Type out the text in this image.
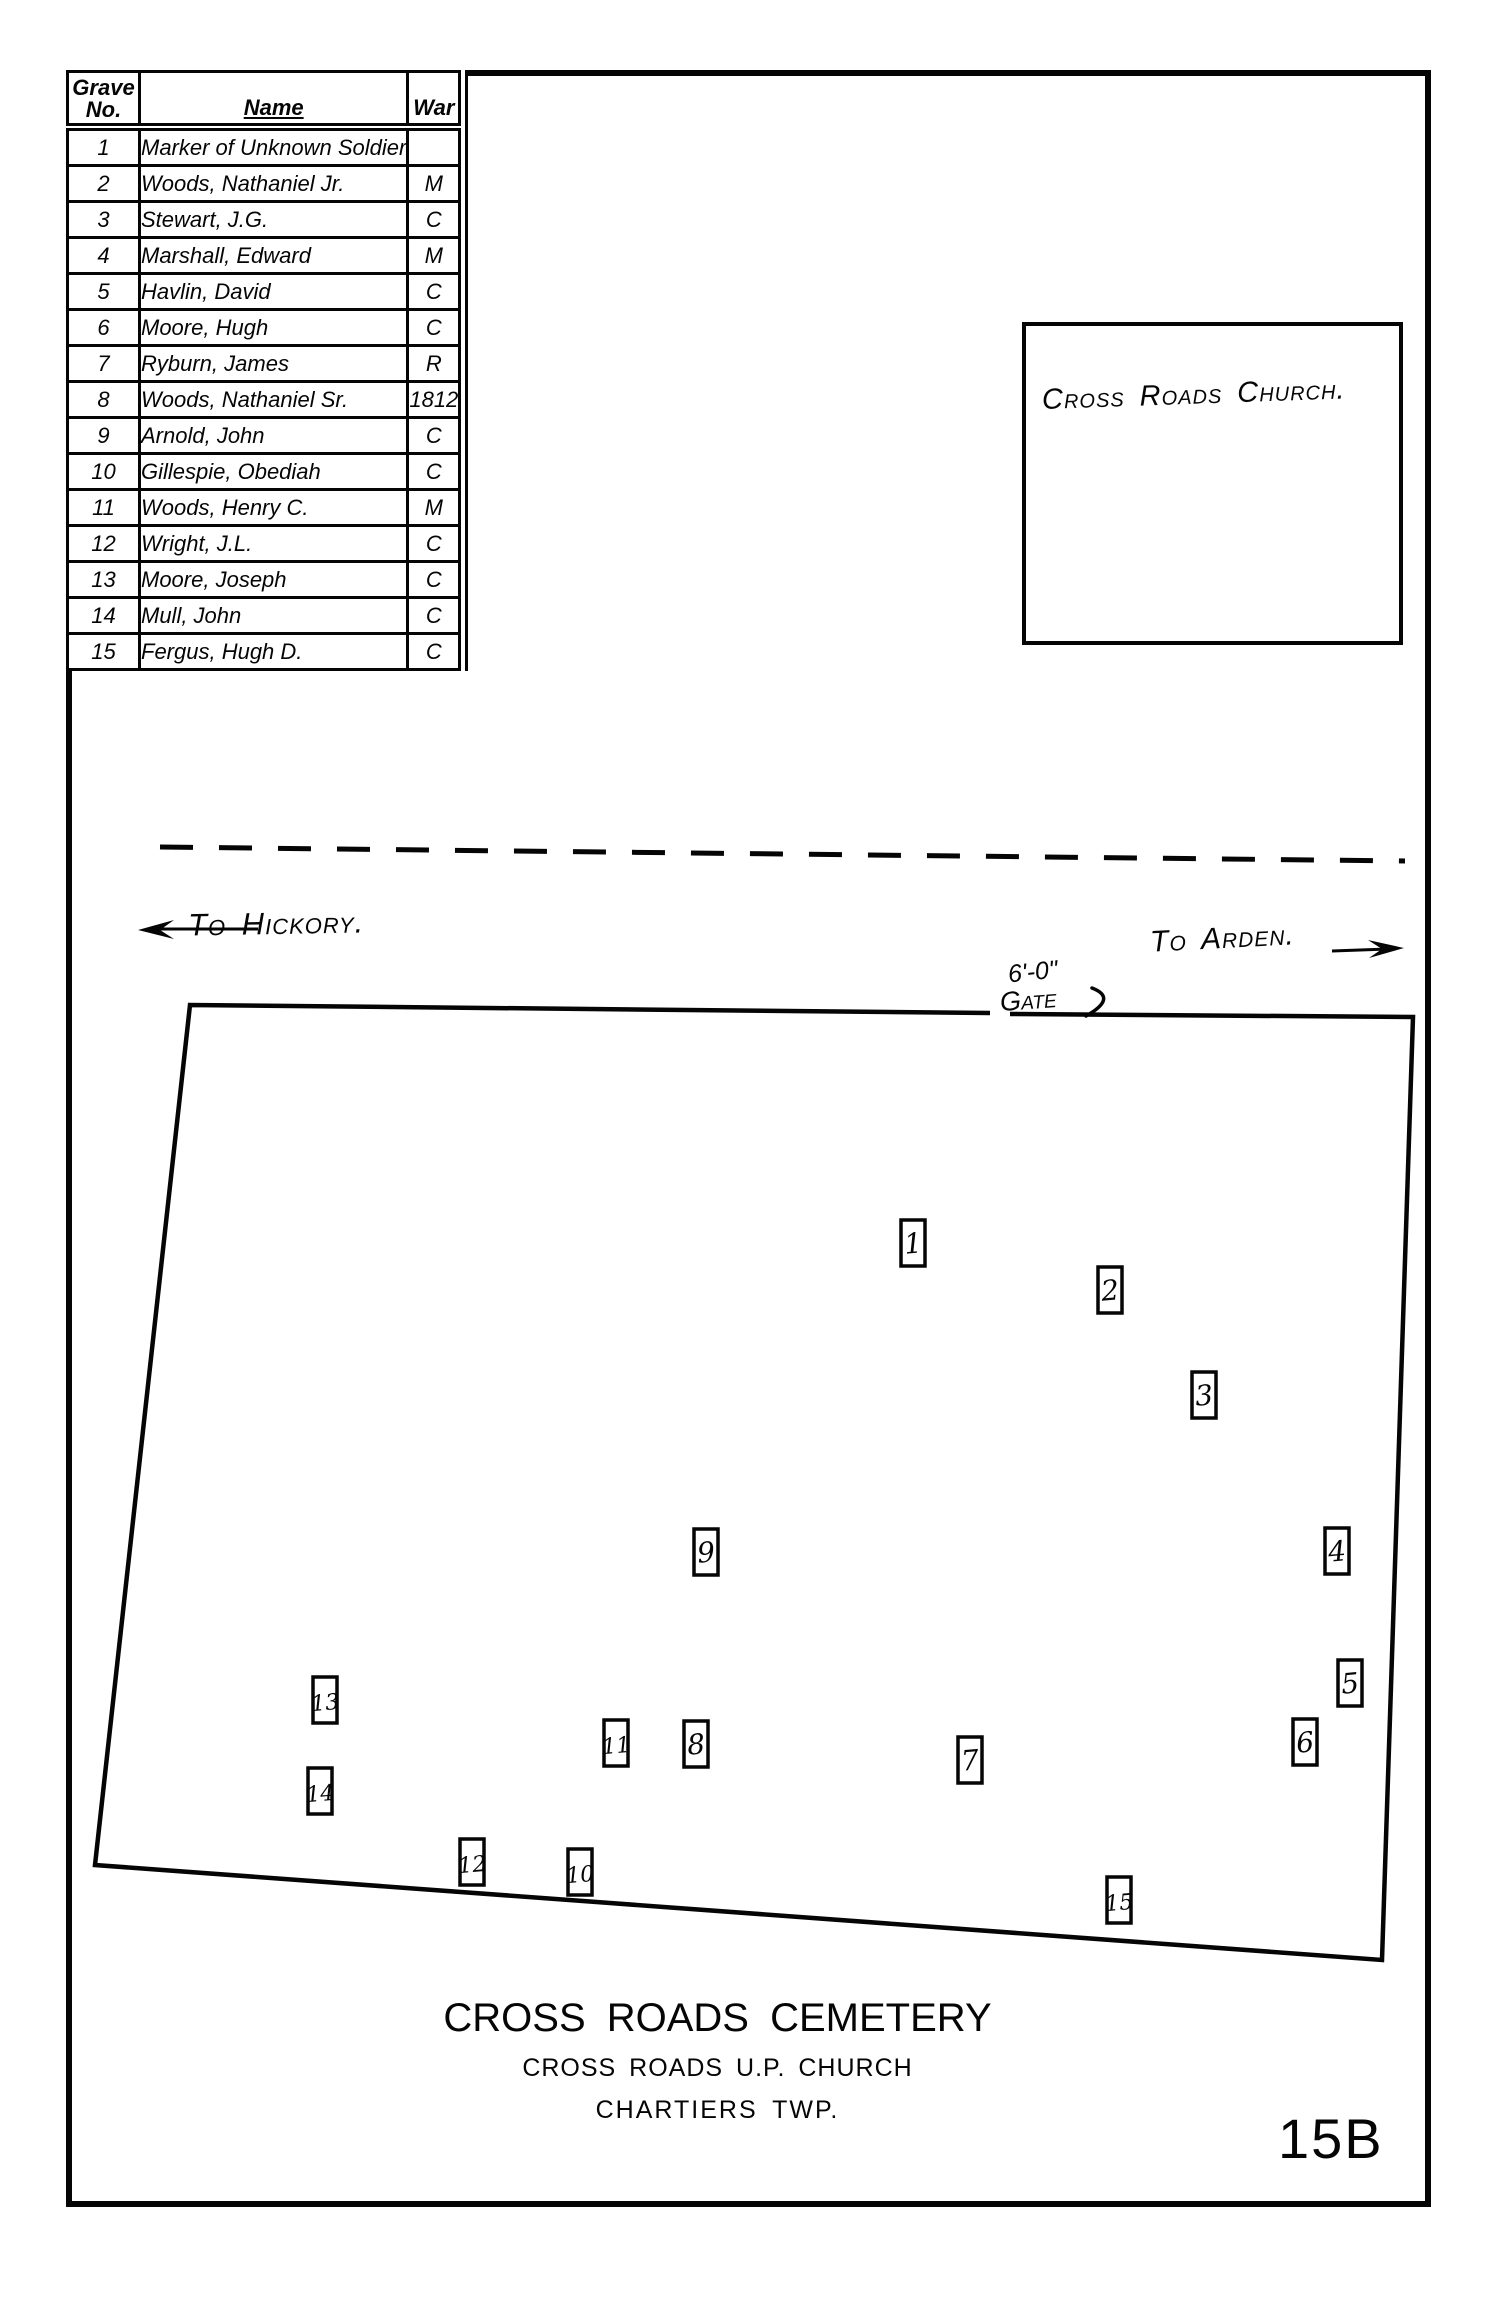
Grave
No.	Name	War
1	Marker of Unknown Soldier	
2	Woods, Nathaniel Jr.	M
3	Stewart, J.G.	C
4	Marshall, Edward	M
5	Havlin, David	C
6	Moore, Hugh	C
7	Ryburn, James	R
8	Woods, Nathaniel Sr.	1812
9	Arnold, John	C
10	Gillespie, Obediah	C
11	Woods, Henry C.	M
12	Wright, J.L.	C
13	Moore, Joseph	C
14	Mull, John	C
15	Fergus, Hugh D.	C
Cross Roads Church.
1
2
3
4
5
6
7
8
9
10
11
12
13
14
15
To Hickory.	To Arden.
6'-0"
Gate
CROSS ROADS CEMETERY
CROSS ROADS U.P. CHURCH
CHARTIERS TWP.	15B
